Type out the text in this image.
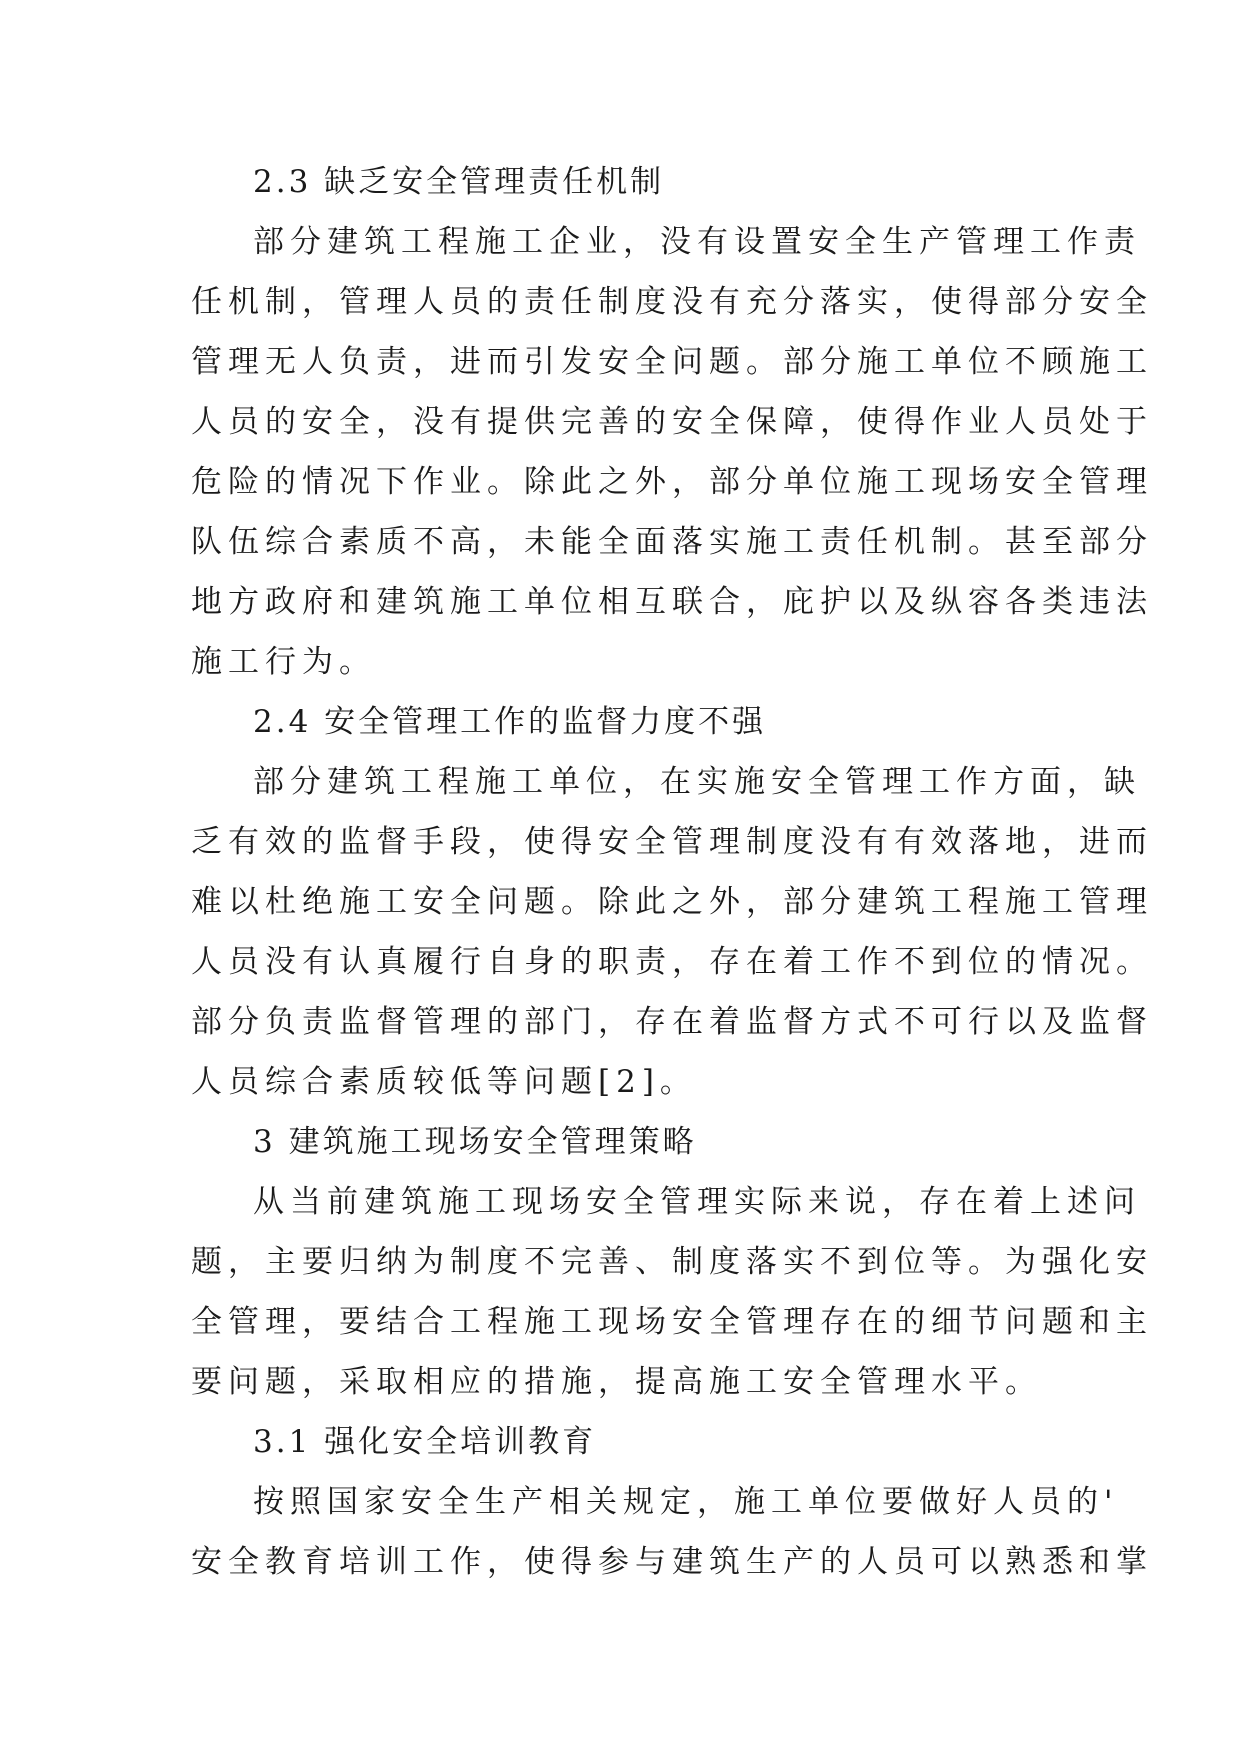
2.3 缺乏安全管理责任机制
部分建筑工程施工企业，没有设置安全生产管理工作责
任机制，管理人员的责任制度没有充分落实，使得部分安全
管理无人负责，进而引发安全问题。部分施工单位不顾施工
人员的安全，没有提供完善的安全保障，使得作业人员处于
危险的情况下作业。除此之外，部分单位施工现场安全管理
队伍综合素质不高，未能全面落实施工责任机制。甚至部分
地方政府和建筑施工单位相互联合，庇护以及纵容各类违法
施工行为。
2.4 安全管理工作的监督力度不强
部分建筑工程施工单位，在实施安全管理工作方面，缺
乏有效的监督手段，使得安全管理制度没有有效落地，进而
难以杜绝施工安全问题。除此之外，部分建筑工程施工管理
人员没有认真履行自身的职责，存在着工作不到位的情况。
部分负责监督管理的部门，存在着监督方式不可行以及监督
人员综合素质较低等问题[2]。
3 建筑施工现场安全管理策略
从当前建筑施工现场安全管理实际来说，存在着上述问
题，主要归纳为制度不完善、制度落实不到位等。为强化安
全管理，要结合工程施工现场安全管理存在的细节问题和主
要问题，采取相应的措施，提高施工安全管理水平。
3.1 强化安全培训教育
按照国家安全生产相关规定，施工单位要做好人员的'
安全教育培训工作，使得参与建筑生产的人员可以熟悉和掌
